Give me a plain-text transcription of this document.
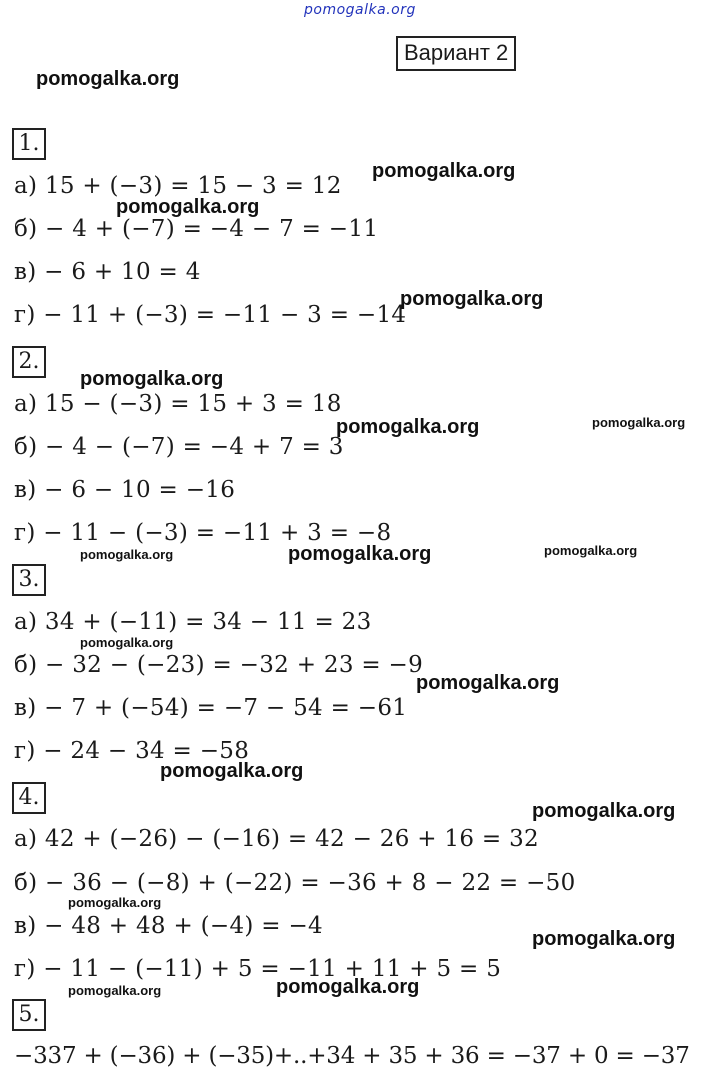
pomogalka.org
Вариант 2
pomogalka.org
pomogalka.org
pomogalka.org
pomogalka.org
pomogalka.org
pomogalka.org	pomogalka.org
pomogalka.org	pomogalka.org	pomogalka.org
pomogalka.org
pomogalka.org
pomogalka.org
pomogalka.org
pomogalka.org
pomogalka.org
pomogalka.org	pomogalka.org
1.
а) 15 + (−3) = 15 − 3 = 12
б) − 4 + (−7) = −4 − 7 = −11
в) − 6 + 10 = 4
г) − 11 + (−3) = −11 − 3 = −14
2.
а) 15 − (−3) = 15 + 3 = 18
б) − 4 − (−7) = −4 + 7 = 3
в) − 6 − 10 = −16
г) − 11 − (−3) = −11 + 3 = −8
3.
а) 34 + (−11) = 34 − 11 = 23
б) − 32 − (−23) = −32 + 23 = −9
в) − 7 + (−54) = −7 − 54 = −61
г) − 24 − 34 = −58
4.
а) 42 + (−26) − (−16) = 42 − 26 + 16 = 32
б) − 36 − (−8) + (−22) = −36 + 8 − 22 = −50
в) − 48 + 48 + (−4) = −4
г) − 11 − (−11) + 5 = −11 + 11 + 5 = 5
5.
−337 + (−36) + (−35)+..+34 + 35 + 36 = −37 + 0 = −37
